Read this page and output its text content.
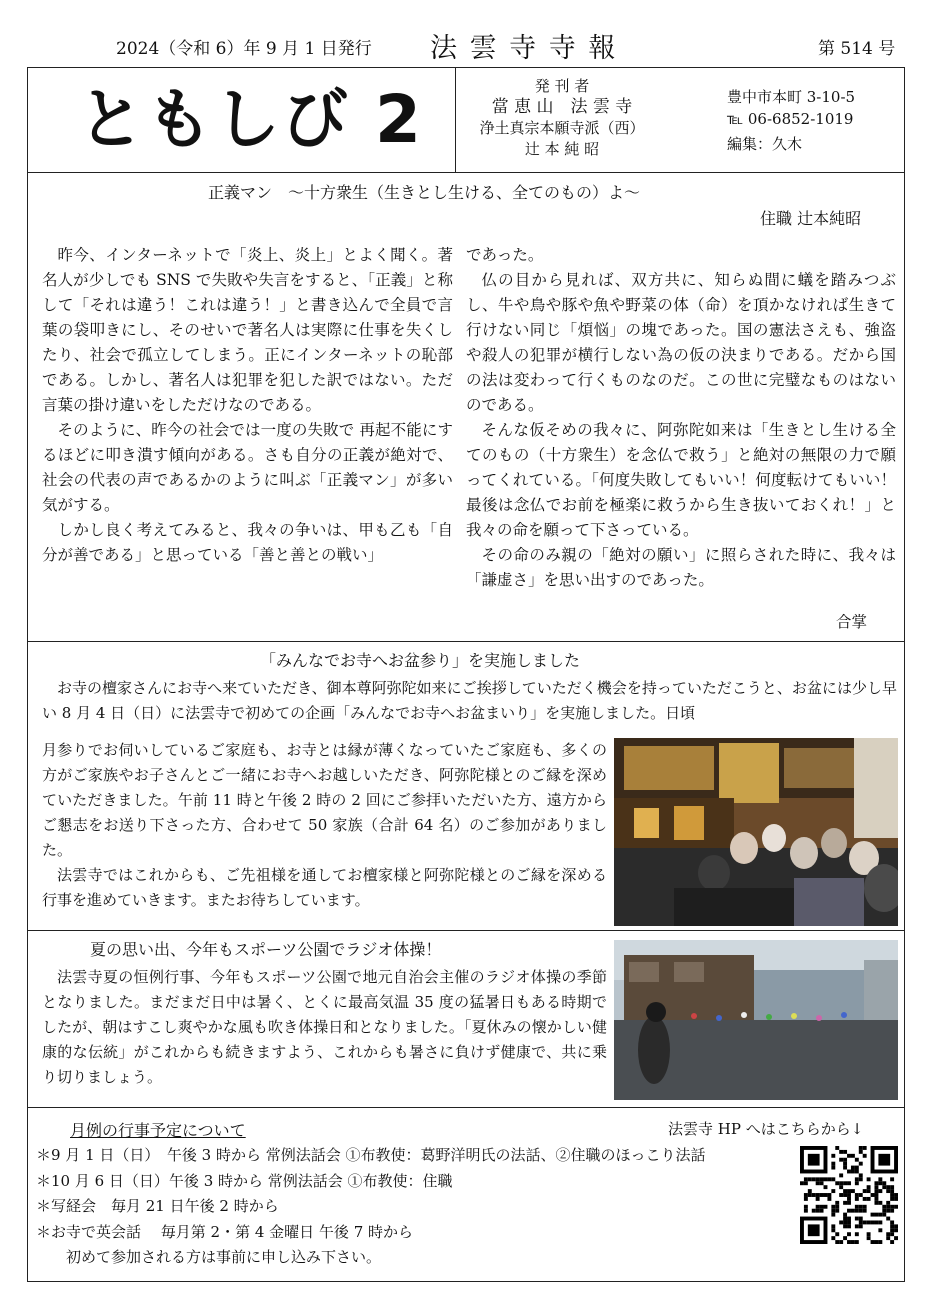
2024（令和 6）年 9 月 1 日発行 法 雲 寺 寺 報	第 514 号
ともしび 2	発 刊 者
當 恵 山　法 雲 寺
浄土真宗本願寺派（西）
辻 本 純 昭
豊中市本町 3-10-5
℡ 06-6852-1019
編集：久木
正義マン　～十方衆生（生きとし生ける、全てのもの）よ～
住職 辻本純昭

昨今、インターネットで「炎上、炎上」とよく聞く。著名人が少しでも SNS で失敗や失言をすると、「正義」と称して「それは違う！これは違う！」と書き込んで全員で言葉の袋叩きにし、そのせいで著名人は実際に仕事を失くしたり、社会で孤立してしまう。正にインターネットの恥部である。しかし、著名人は犯罪を犯した訳ではない。ただ言葉の掛け違いをしただけなのである。

そのように、昨今の社会では一度の失敗で 再起不能にするほどに叩き潰す傾向がある。さも自分の正義が絶対で、社会の代表の声であるかのように叫ぶ「正義マン」が多い気がする。

しかし良く考えてみると、我々の争いは、甲も乙も「自分が善である」と思っている「善と善との戦い」

であった。

仏の目から見れば、双方共に、知らぬ間に蟻を踏みつぶし、牛や鳥や豚や魚や野菜の体（命）を頂かなければ生きて行けない同じ「煩悩」の塊であった。国の憲法さえも、強盗や殺人の犯罪が横行しない為の仮の決まりである。だから国の法は変わって行くものなのだ。この世に完璧なものはないのである。

そんな仮そめの我々に、阿弥陀如来は「生きとし生ける全てのもの（十方衆生）を念仏で救う」と絶対の無限の力で願ってくれている。「何度失敗してもいい！何度転けてもいい！最後は念仏でお前を極楽に救うから生き抜いておくれ！」と我々の命を願って下さっている。

その命のみ親の「絶対の願い」に照らされた時に、我々は「謙虚さ」を思い出すのであった。

合掌
「みんなでお寺へお盆参り」を実施しました
お寺の檀家さんにお寺へ来ていただき、御本尊阿弥陀如来にご挨拶していただく機会を持っていただこうと、お盆には少し早い 8 月 4 日（日）に法雲寺で初めての企画「みんなでお寺へお盆まいり」を実施しました。日頃

月参りでお伺いしているご家庭も、お寺とは縁が薄くなっていたご家庭も、多くの方がご家族やお子さんとご一緒にお寺へお越しいただき、阿弥陀様とのご縁を深めていただきました。午前 11 時と午後 2 時の 2 回にご参拝いただいた方、遠方からご懇志をお送り下さった方、合わせて 50 家族（合計 64 名）のご参加がありました。

法雲寺ではこれからも、ご先祖様を通してお檀家様と阿弥陀様とのご縁を深める行事を進めていきます。またお待ちしています。

夏の思い出、今年もスポーツ公園でラジオ体操！
法雲寺夏の恒例行事、今年もスポーツ公園で地元自治会主催のラジオ体操の季節となりました。まだまだ日中は暑く、とくに最高気温 35 度の猛暑日もある時期でしたが、朝はすこし爽やかな風も吹き体操日和となりました。「夏休みの懐かしい健康的な伝統」がこれからも続きますよう、これからも暑さに負けず健康で、共に乗り切りましょう。
月例の行事予定について	法雲寺 HP へはこちらから↓
＊9 月 1 日（日）　午後 3 時から 常例法話会 ①布教使：葛野洋明氏の法話、②住職のほっこり法話
＊10 月 6 日（日）午後 3 時から 常例法話会 ①布教使：住職
＊写経会　毎月 21 日午後 2 時から
＊お寺で英会話　 毎月第 2・第 4 金曜日 午後 7 時から
初めて参加される方は事前に申し込み下さい。
